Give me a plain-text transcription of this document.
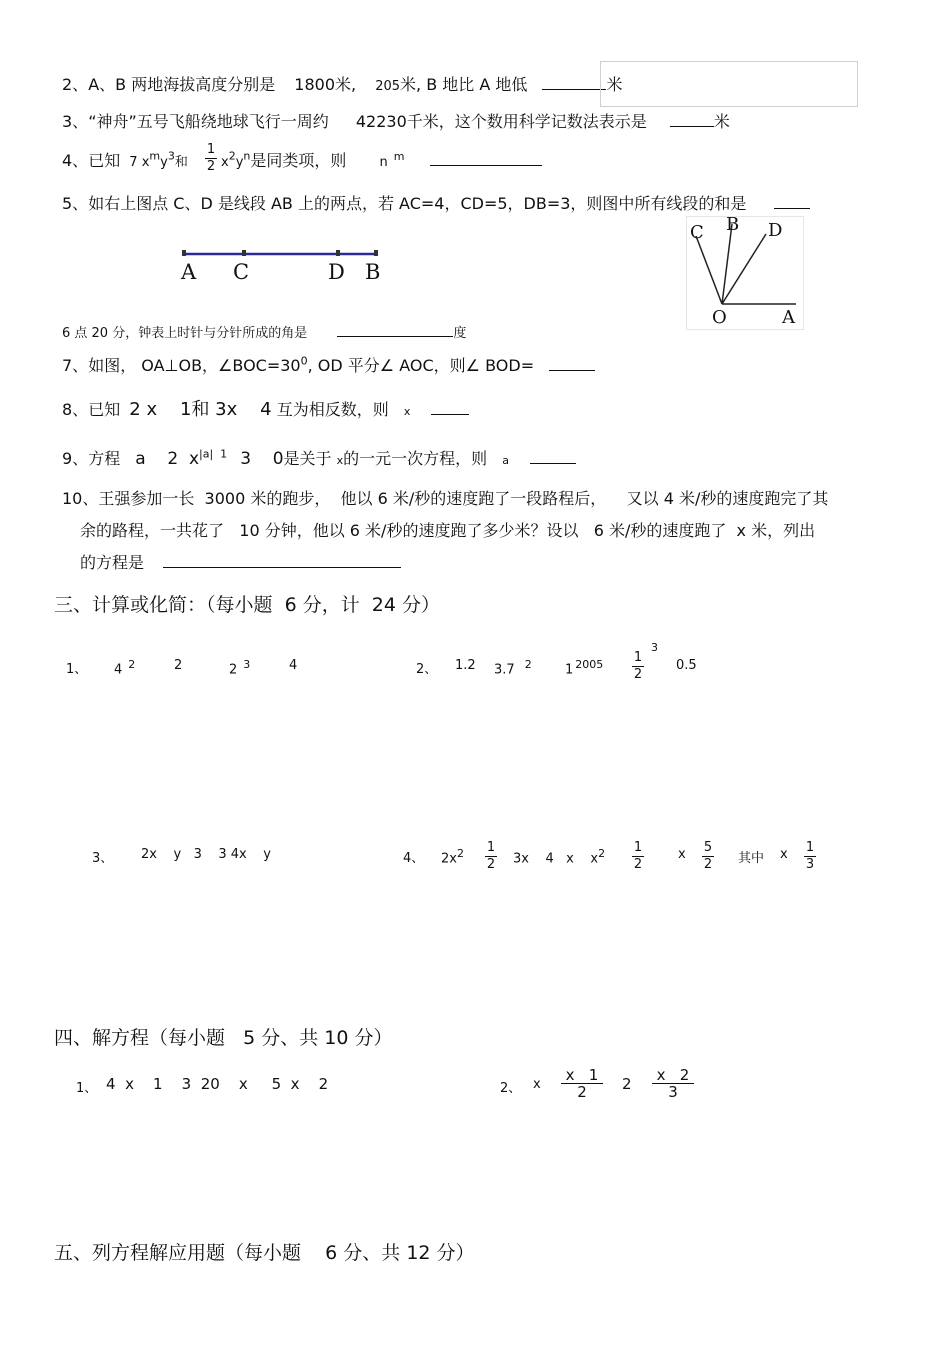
2、A、B 两地海拔高度分别是 1800米, 205米, B 地比 A 地低	米
3、“神舟”五号飞船绕地球飞行一周约 42230千米，这个数用科学记数法表示是	米
4、已知 7 $x^my^3$和
1
2 $x^2y^n$是同类项，则	n $^m$
5、如右上图点 C、D 是线段 AB 上的两点，若 AC=4，CD=5，DB=3，则图中所有线段的和是
A C	D B
C B D
O	A
6 点 20 分，钟表上时针与分针所成的角是	度
7、如图， OA⊥OB，$\angle BOC=30^0$, OD 平分∠ AOC，则∠ BOD=
8、已知 2 x    1和 3x    4 互为相反数，则 x
9、方程 a    2  $x^{|a| 1}$ 3    0是关于 x的一元一次方程，则 a
10、王强参加一长  3000 米的跑步，  他以 6 米/秒的速度跑了一段路程后，    又以 4 米/秒的速度跑完了其
余的路程，一共花了   10 分钟，他以 6 米/秒的速度跑了多少米？设以   6 米/秒的速度跑了  x 米，列出
的方程是
三、计算或化简：（每小题  6 分，计  24 分）
1、 4 $^2$	2	2 $^3$	4	2、 1.2 3.7 $^2$	1 $^{2005}$ 1
2
3
0.5
3、 2x    y   3    3 4x    y	4、 $2x^2$ 1
2 3x    4   x    $x^2$ 1
2
x 5
2 其中 x 1
3
四、解方程（每小题   5 分、共 10 分）
1、 4  x    1    3  20    x     5  x    2	2、 x
x   1
2	2	x   2
3
五、列方程解应用题（每小题    6 分、共 12 分）
